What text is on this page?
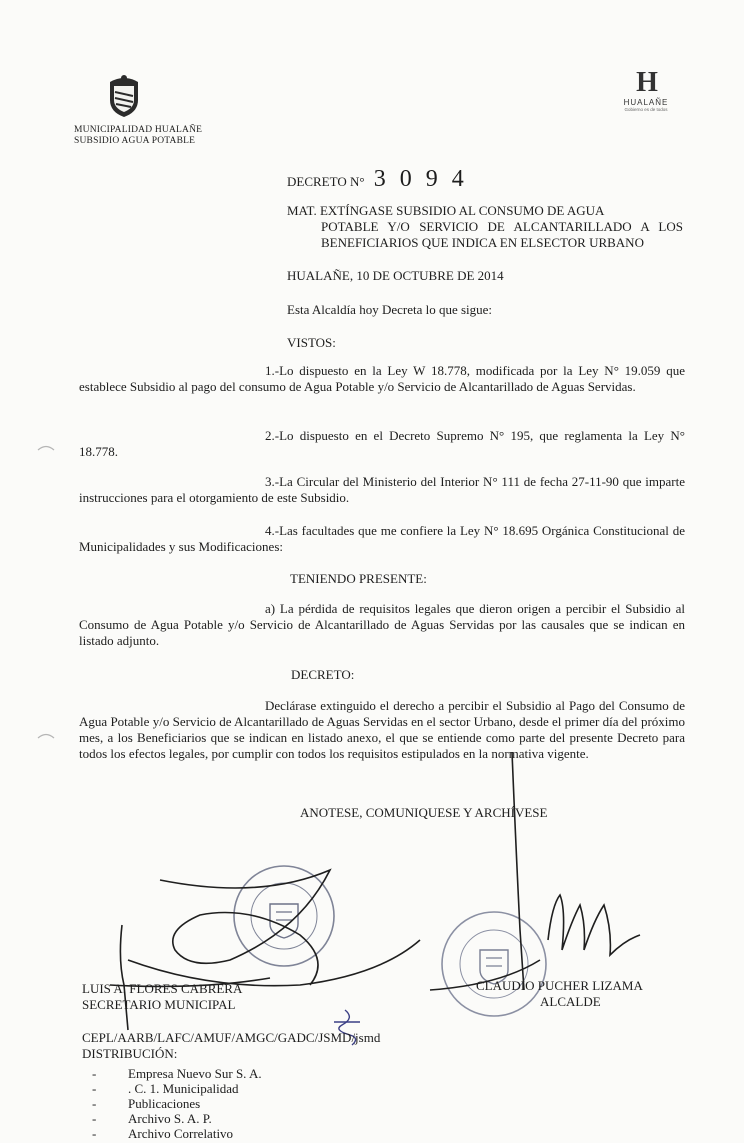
MUNICIPALIDAD HUALAÑE
SUBSIDIO AGUA POTABLE
H
HUALAÑE
Gobierno es de todos
DECRETO N° 3 0 9 4
MAT. EXTÍNGASE SUBSIDIO AL CONSUMO DE AGUA
POTABLE Y/O SERVICIO DE ALCANTARILLADO A LOS BENEFICIARIOS QUE INDICA EN ELSECTOR URBANO
HUALAÑE, 10 DE OCTUBRE DE 2014
Esta Alcaldía hoy Decreta lo que sigue:
VISTOS:
1.-Lo dispuesto en la Ley W 18.778, modificada por la Ley N° 19.059 que establece Subsidio al pago del consumo de Agua Potable y/o Servicio de Alcantarillado de Aguas Servidas.
2.-Lo dispuesto en el Decreto Supremo N° 195, que reglamenta la Ley N° 18.778.
3.-La Circular del Ministerio del Interior N° 111 de fecha 27-11-90 que imparte instrucciones para el otorgamiento de este Subsidio.
4.-Las facultades que me confiere la Ley N° 18.695 Orgánica Constitucional de Municipalidades y sus Modificaciones:
TENIENDO PRESENTE:
a) La pérdida de requisitos legales que dieron origen a percibir el Subsidio al Consumo de Agua Potable y/o Servicio de Alcantarillado de Aguas Servidas por las causales que se indican en listado adjunto.
DECRETO:
Declárase extinguido el derecho a percibir el Subsidio al Pago del Consumo de Agua Potable y/o Servicio de Alcantarillado de Aguas Servidas en el sector Urbano, desde el primer día del próximo mes, a los Beneficiarios que se indican en listado anexo, el que se entiende como parte del presente Decreto para todos los efectos legales, por cumplir con todos los requisitos estipulados en la normativa vigente.
ANOTESE, COMUNIQUESE Y ARCHÍVESE
LUIS A. FLORES CABRERA
SECRETARIO MUNICIPAL
CLAUDIO PUCHER LIZAMA
ALCALDE
CEPL/AARB/LAFC/AMUF/AMGC/GADC/JSMD/jsmd
DISTRIBUCIÓN:
- Empresa Nuevo Sur S. A.
- . C. 1. Municipalidad
- Publicaciones
- Archivo S. A. P.
- Archivo Correlativo
